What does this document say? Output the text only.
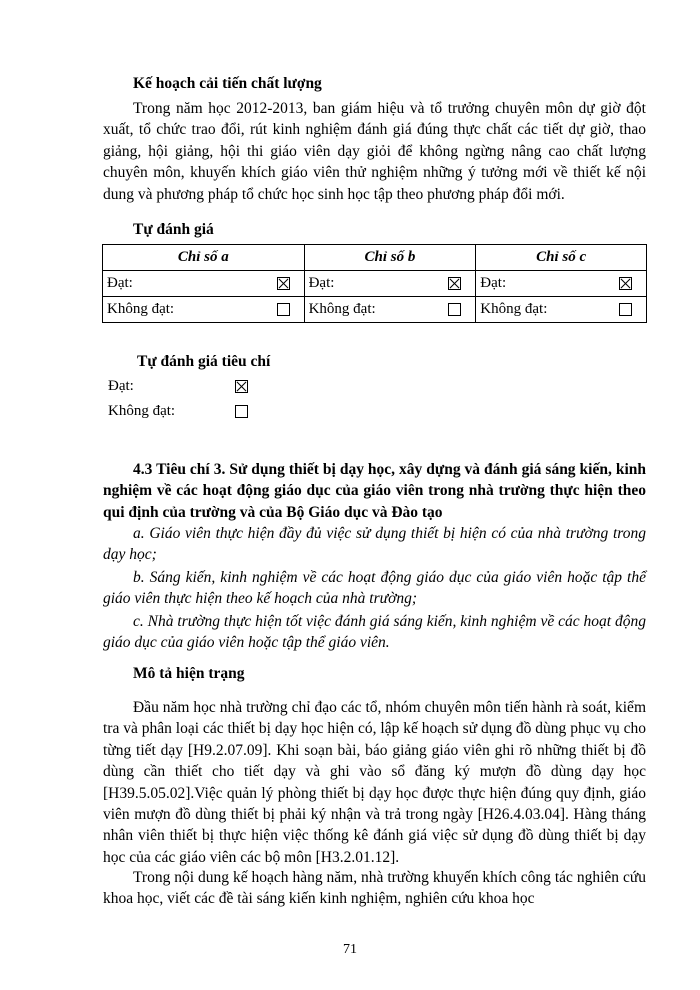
Kế hoạch cải tiến chất lượng
Trong năm học 2012-2013, ban giám hiệu và tổ trưởng chuyên môn dự giờ đột xuất, tổ chức trao đổi, rút kinh nghiệm đánh giá đúng thực chất các tiết dự giờ, thao giảng, hội giảng, hội thi giáo viên dạy giỏi để không ngừng nâng cao chất lượng chuyên môn, khuyến khích giáo viên thử nghiệm những ý tưởng mới về thiết kế nội dung và phương pháp tổ chức học sinh học tập theo phương pháp đổi mới.
Tự đánh giá
Chỉ số a	Chỉ số b	Chỉ số c

Đạt:	Đạt:	Đạt:

Không đạt:	Không đạt:	Không đạt:
Tự đánh giá tiêu chí
Đạt:
Không đạt:
4.3 Tiêu chí 3. Sử dụng thiết bị dạy học, xây dựng và đánh giá sáng kiến, kinh nghiệm về các hoạt động giáo dục của giáo viên trong nhà trường thực hiện theo qui định của trường và của Bộ Giáo dục và Đào tạo
a. Giáo viên thực hiện đầy đủ việc sử dụng thiết bị hiện có của nhà trường trong dạy học;
b. Sáng kiến, kinh nghiệm về các hoạt động giáo dục của giáo viên hoặc tập thể giáo viên thực hiện theo kế hoạch của nhà trường;
c. Nhà trường thực hiện tốt việc đánh giá sáng kiến, kinh nghiệm về các hoạt động giáo dục của giáo viên hoặc tập thể giáo viên.
Mô tả hiện trạng
Đầu năm học nhà trường chỉ đạo các tổ, nhóm chuyên môn tiến hành rà soát, kiểm tra và phân loại các thiết bị dạy học hiện có, lập kế hoạch sử dụng đồ dùng phục vụ cho từng tiết dạy [H9.2.07.09]. Khi soạn bài, báo giảng giáo viên ghi rõ những thiết bị đồ dùng cần thiết cho tiết dạy và ghi vào sổ đăng ký mượn đồ dùng dạy học [H39.5.05.02].Việc quản lý phòng thiết bị dạy học được thực hiện đúng quy định, giáo viên mượn đồ dùng thiết bị phải ký nhận và trả trong ngày [H26.4.03.04]. Hàng tháng nhân viên thiết bị thực hiện việc thống kê đánh giá việc sử dụng đồ dùng thiết bị dạy học của các giáo viên các bộ môn [H3.2.01.12].
Trong nội dung kế hoạch hàng năm, nhà trường khuyến khích công tác nghiên cứu khoa học, viết các đề tài sáng kiến kinh nghiệm, nghiên cứu khoa học
71
